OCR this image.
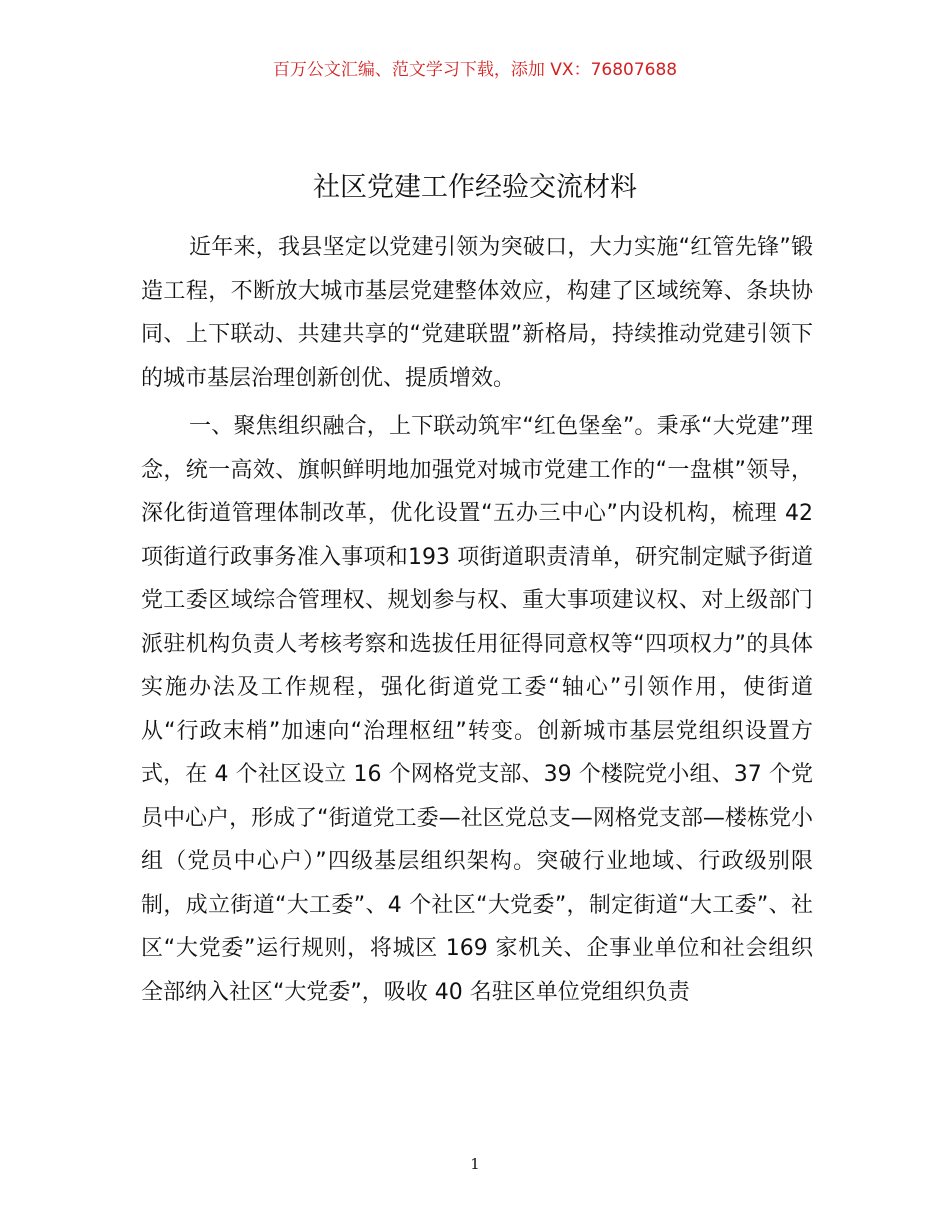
百万公文汇编、范文学习下载，添加 VX：76807688
社区党建工作经验交流材料

近年来，我县坚定以党建引领为突破口，大力实施“红管先锋”锻造工程，不断放大城市基层党建整体效应，构建了区域统筹、条块协同、上下联动、共建共享的“党建联盟”新格局，持续推动党建引领下的城市基层治理创新创优、提质增效。

一、聚焦组织融合，上下联动筑牢“红色堡垒”。秉承“大党建”理念，统一高效、旗帜鲜明地加强党对城市党建工作的“一盘棋”领导，深化街道管理体制改革，优化设置“五办三中心”内设机构，梳理 42 项街道行政事务准入事项和193 项街道职责清单，研究制定赋予街道党工委区域综合管理权、规划参与权、重大事项建议权、对上级部门派驻机构负责人考核考察和选拔任用征得同意权等“四项权力”的具体实施办法及工作规程，强化街道党工委“轴心”引领作用，使街道从“行政末梢”加速向“治理枢纽”转变。创新城市基层党组织设置方式，在 4 个社区设立 16 个网格党支部、39 个楼院党小组、37 个党员中心户，形成了“街道党工委—社区党总支—网格党支部—楼栋党小组（党员中心户）”四级基层组织架构。突破行业地域、行政级别限制，成立街道“大工委”、4 个社区“大党委”，制定街道“大工委”、社区“大党委”运行规则，将城区 169 家机关、企事业单位和社会组织全部纳入社区“大党委”，吸收 40 名驻区单位党组织负责

1
